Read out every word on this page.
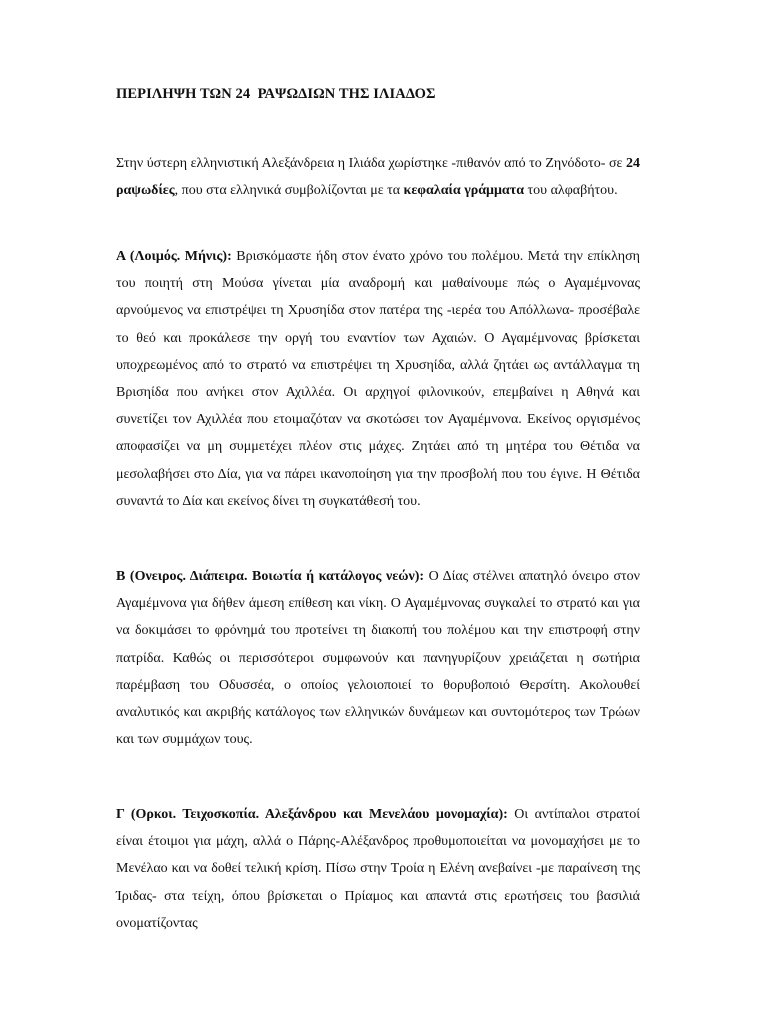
ΠΕΡΙΛΗΨΗ ΤΩΝ 24  ΡΑΨΩΔΙΩΝ ΤΗΣ ΙΛΙΑΔΟΣ

Στην ύστερη ελληνιστική Αλεξάνδρεια η Ιλιάδα χωρίστηκε -πιθανόν από το Ζηνόδοτο- σε 24 ραψωδίες, που στα ελληνικά συμβολίζονται με τα κεφαλαία γράμματα του αλφαβήτου.

Α (Λοιμός. Μήνις): Βρισκόμαστε ήδη στον ένατο χρόνο του πολέμου. Μετά την επίκληση του ποιητή στη Μούσα γίνεται μία αναδρομή και μαθαίνουμε πώς ο Αγαμέμνονας αρνούμενος να επιστρέψει τη Χρυσηίδα στον πατέρα της -ιερέα του Απόλλωνα- προσέβαλε το θεό και προκάλεσε την οργή του εναντίον των Αχαιών. Ο Αγαμέμνονας βρίσκεται υποχρεωμένος από το στρατό να επιστρέψει τη Χρυσηίδα, αλλά ζητάει ως αντάλλαγμα τη Βρισηίδα που ανήκει στον Αχιλλέα. Οι αρχηγοί φιλονικούν, επεμβαίνει η Αθηνά και συνετίζει τον Αχιλλέα που ετοιμαζόταν να σκοτώσει τον Αγαμέμνονα. Εκείνος οργισμένος αποφασίζει να μη συμμετέχει πλέον στις μάχες. Ζητάει από τη μητέρα του Θέτιδα να μεσολαβήσει στο Δία, για να πάρει ικανοποίηση για την προσβολή που του έγινε. Η Θέτιδα συναντά το Δία και εκείνος δίνει τη συγκατάθεσή του.

Β (Ονειρος. Διάπειρα. Βοιωτία ή κατάλογος νεών): Ο Δίας στέλνει απατηλό όνειρο στον Αγαμέμνονα για δήθεν άμεση επίθεση και νίκη. Ο Αγαμέμνονας συγκαλεί το στρατό και για να δοκιμάσει το φρόνημά του προτείνει τη διακοπή του πολέμου και την επιστροφή στην πατρίδα. Καθώς οι περισσότεροι συμφωνούν και πανηγυρίζουν χρειάζεται η σωτήρια παρέμβαση του Οδυσσέα, ο οποίος γελοιοποιεί το θορυβοποιό Θερσίτη. Ακολουθεί αναλυτικός και ακριβής κατάλογος των ελληνικών δυνάμεων και συντομότερος των Τρώων και των συμμάχων τους.

Γ (Ορκοι. Τειχοσκοπία. Αλεξάνδρου και Μενελάου μονομαχία): Οι αντίπαλοι στρατοί είναι έτοιμοι για μάχη, αλλά ο Πάρης-Αλέξανδρος προθυμοποιείται να μονομαχήσει με το Μενέλαο και να δοθεί τελική κρίση. Πίσω στην Τροία η Ελένη ανεβαίνει -με παραίνεση της Ίριδας- στα τείχη, όπου βρίσκεται ο Πρίαμος και απαντά στις ερωτήσεις του βασιλιά ονοματίζοντας
